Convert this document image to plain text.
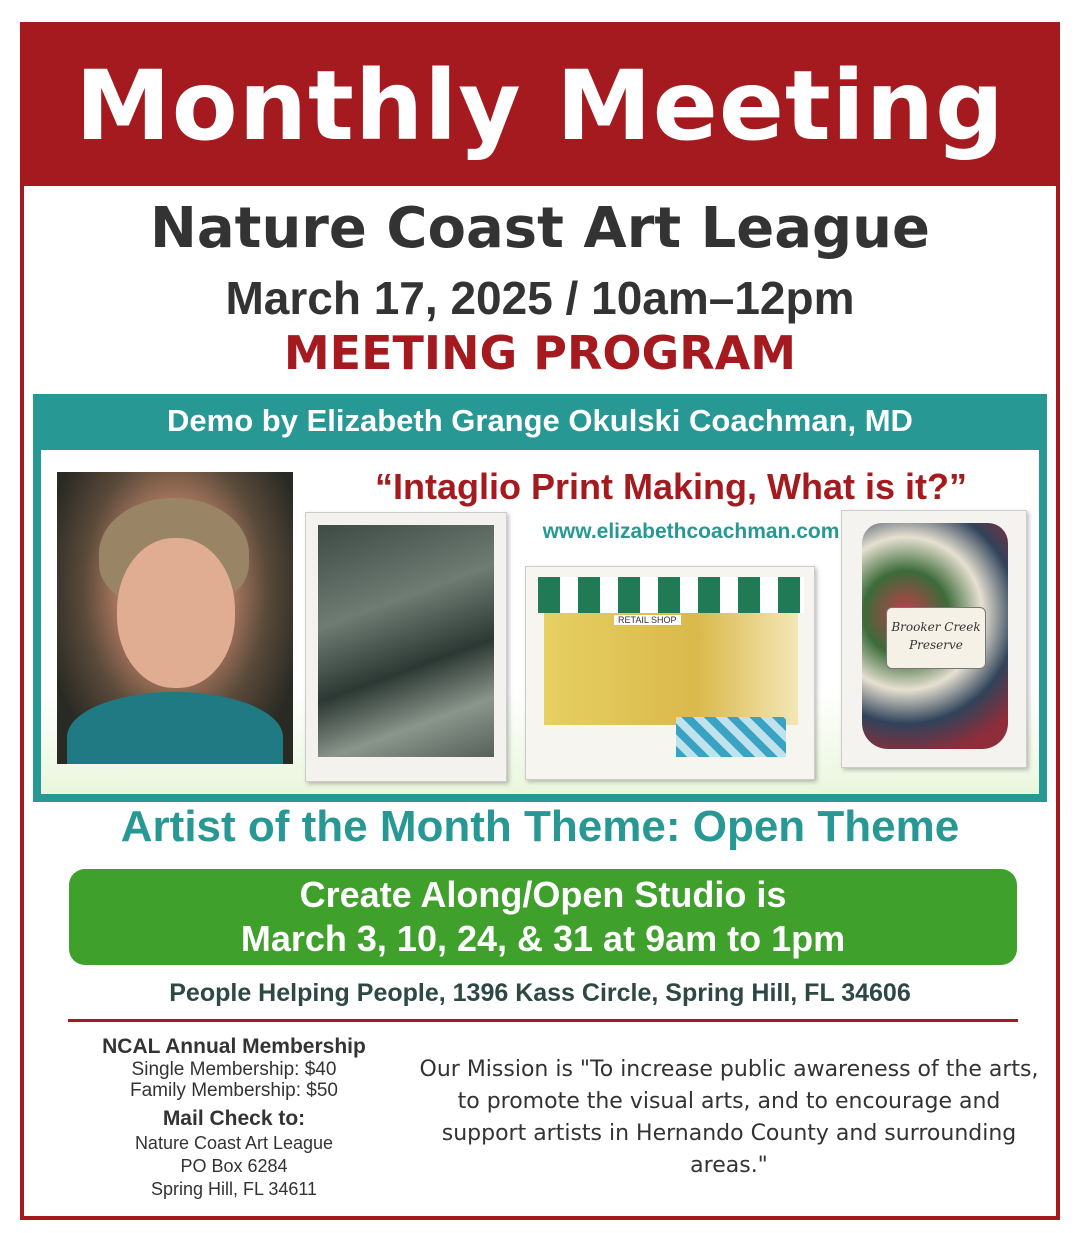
Monthly Meeting
Nature Coast Art League
March 17, 2025 / 10am–12pm
MEETING PROGRAM
Demo by Elizabeth Grange Okulski Coachman, MD
“Intaglio Print Making, What is it?”
www.elizabethcoachman.com
RETAIL SHOP	Brooker Creek Preserve
Artist of the Month Theme: Open Theme
Create Along/Open Studio is
March 3, 10, 24, & 31 at 9am to 1pm
People Helping People, 1396 Kass Circle, Spring Hill, FL 34606
NCAL Annual Membership
Single Membership: $40
Family Membership: $50
Mail Check to:
Nature Coast Art League
PO Box 6284
Spring Hill, FL 34611
Our Mission is "To increase public awareness of the arts, to promote the visual arts, and to encourage and support artists in Hernando County and surrounding areas."
